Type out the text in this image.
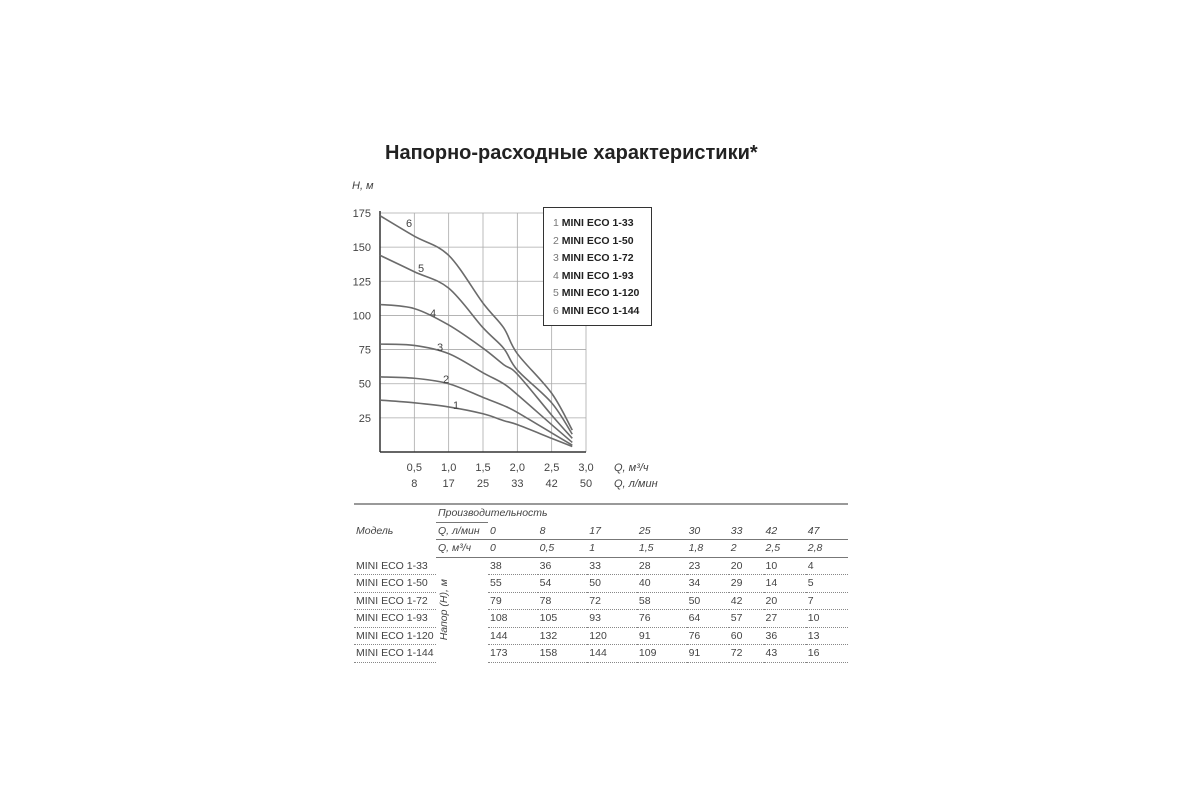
Напорно-расходные характеристики*
H, м
1
2
3
4
5
6
25
50
75
100
125
150
175
0,5 1,0 1,5 2,0 2,5 3,0
8 17 25 33 42 50
Q, м³/ч
Q, л/мин
1 MINI ECO 1-33
2 MINI ECO 1-50
3 MINI ECO 1-72
4 MINI ECO 1-93
5 MINI ECO 1-120
6 MINI ECO 1-144
Модель	Производительность								
	Q, л/мин	0	8	17	25	30	33	42	47
	Q, м³/ч	0	0,5	1	1,5	1,8	2	2,5	2,8
MINI ECO 1-33	Напор (H), м	38	36	33	28	23	20	10	4
MINI ECO 1-50		55	54	50	40	34	29	14	5
MINI ECO 1-72		79	78	72	58	50	42	20	7
MINI ECO 1-93		108	105	93	76	64	57	27	10
MINI ECO 1-120		144	132	120	91	76	60	36	13
MINI ECO 1-144		173	158	144	109	91	72	43	16
